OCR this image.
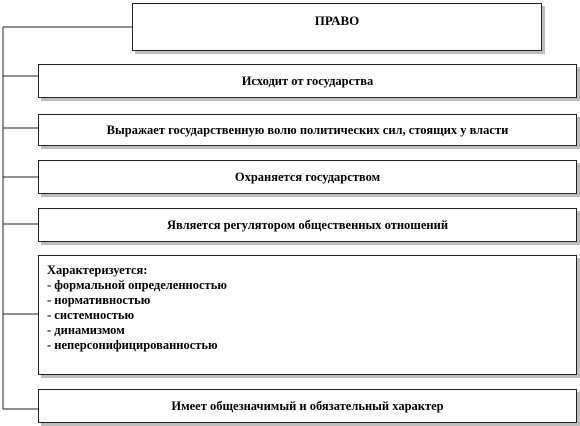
ПРАВО
Исходит от государства
Выражает государственную волю политических сил, стоящих у власти
Охраняется государством
Является регулятором общественных отношений
Характеризуется:
- формальной определенностью
- нормативностью
- системностью
- динамизмом
- неперсонифицированностью
Имеет общезначимый и обязательный характер
